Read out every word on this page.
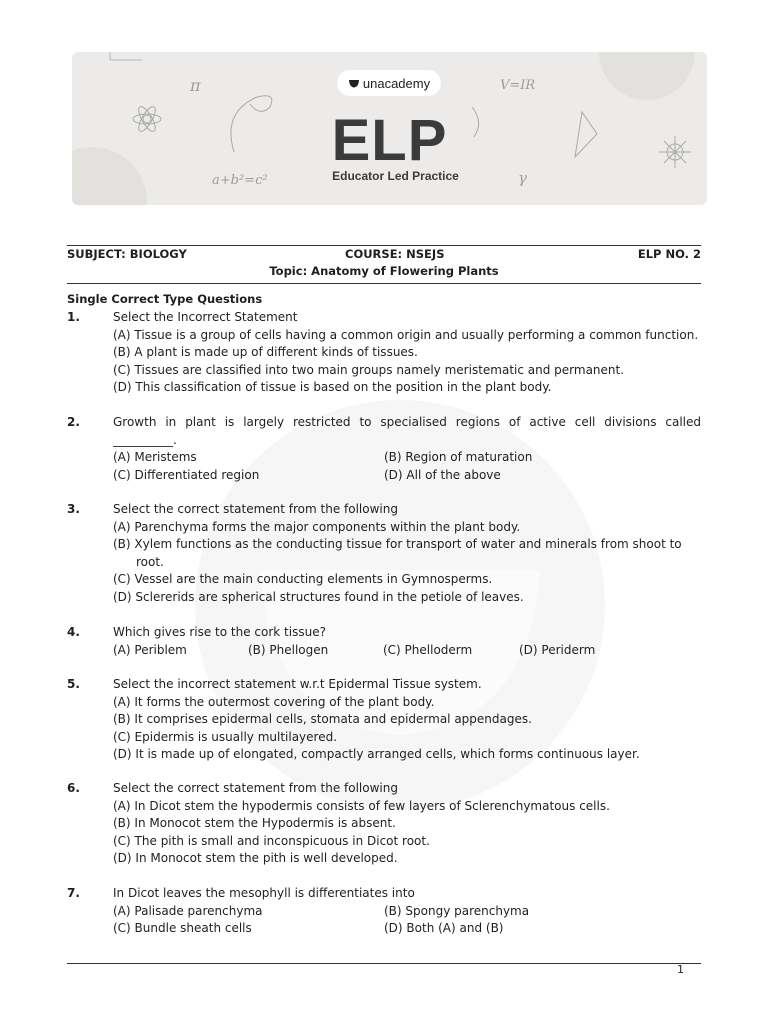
π	V=IR
a+b²=c²	γ
unacademy
ELP
Educator Led Practice
SUBJECT: BIOLOGY	COURSE: NSEJS	ELP NO. 2
Topic: Anatomy of Flowering Plants
Single Correct Type Questions
1.	Select the Incorrect Statement
(A) Tissue is a group of cells having a common origin and usually performing a common function.
(B) A plant is made up of different kinds of tissues.
(C) Tissues are classified into two main groups namely meristematic and permanent.
(D) This classification of tissue is based on the position in the plant body.
2.	Growth in plant is largely restricted to specialised regions of active cell divisions called __________.
(A) Meristems	(B) Region of maturation
(C) Differentiated region	(D) All of the above
3.	Select the correct statement from the following
(A) Parenchyma forms the major components within the plant body.
(B) Xylem functions as the conducting tissue for transport of water and minerals from shoot to root.
(C) Vessel are the main conducting elements in Gymnosperms.
(D) Sclererids are spherical structures found in the petiole of leaves.
4.	Which gives rise to the cork tissue?
(A) Periblem	(B) Phellogen	(C) Phelloderm	(D) Periderm
5.	Select the incorrect statement w.r.t Epidermal Tissue system.
(A) It forms the outermost covering of the plant body.
(B) It comprises epidermal cells, stomata and epidermal appendages.
(C) Epidermis is usually multilayered.
(D) It is made up of elongated, compactly arranged cells, which forms continuous layer.
6.	Select the correct statement from the following
(A) In Dicot stem the hypodermis consists of few layers of Sclerenchymatous cells.
(B) In Monocot stem the Hypodermis is absent.
(C) The pith is small and inconspicuous in Dicot root.
(D) In Monocot stem the pith is well developed.
7.	In Dicot leaves the mesophyll is differentiates into
(A) Palisade parenchyma	(B) Spongy parenchyma
(C) Bundle sheath cells	(D) Both (A) and (B)
1
